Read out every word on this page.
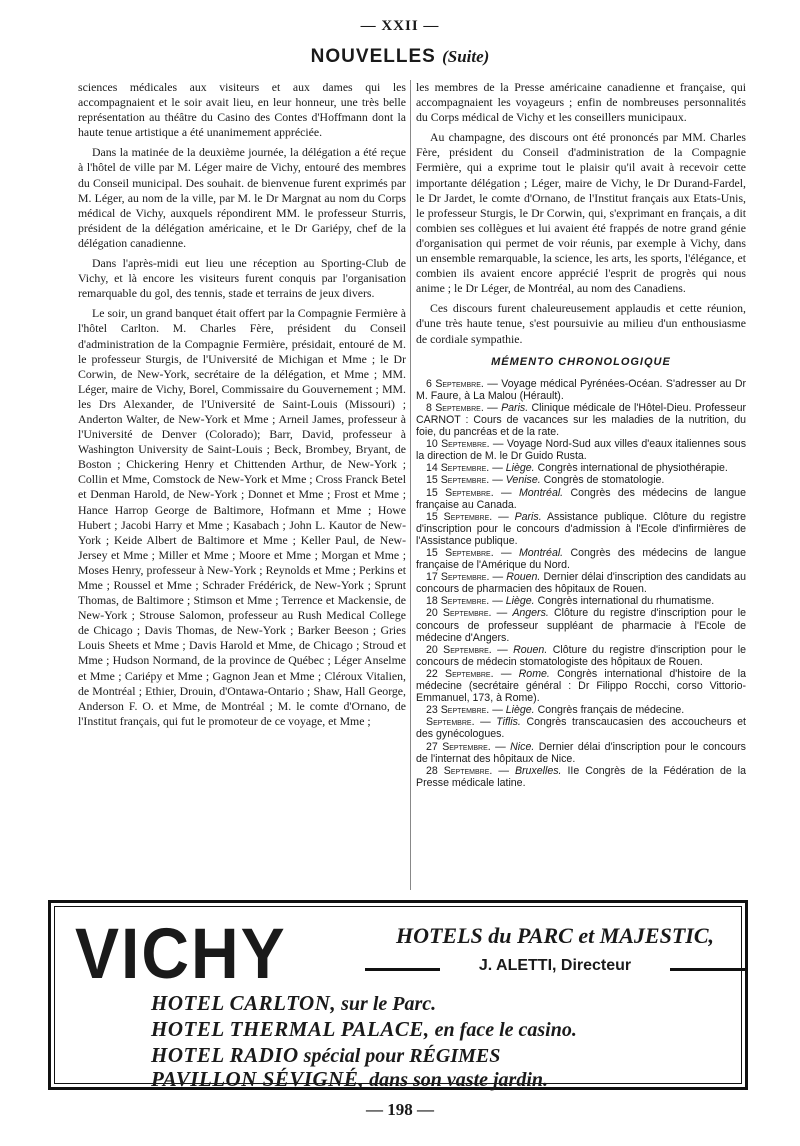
— XXII —
NOUVELLES (Suite)

sciences médicales aux visiteurs et aux dames qui les accompagnaient et le soir avait lieu, en leur honneur, une très belle représentation au théâtre du Casino des Contes d'Hoffmann dont la haute tenue artistique a été unanimement appréciée.

Dans la matinée de la deuxième journée, la délégation a été reçue à l'hôtel de ville par M. Léger maire de Vichy, entouré des membres du Conseil municipal. Des souhait. de bienvenue furent exprimés par M. Léger, au nom de la ville, par M. le Dr Margnat au nom du Corps médical de Vichy, auxquels répondirent MM. le professeur Sturris, président de la délégation américaine, et le Dr Gariépy, chef de la délégation canadienne.

Dans l'après-midi eut lieu une réception au Sporting-Club de Vichy, et là encore les visiteurs furent conquis par l'organisation remarquable du gol, des tennis, stade et terrains de jeux divers.

Le soir, un grand banquet était offert par la Compagnie Fermière à l'hôtel Carlton. M. Charles Fère, président du Conseil d'administration de la Compagnie Fermière, présidait, entouré de M. le professeur Sturgis, de l'Université de Michigan et Mme ; le Dr Corwin, de New-York, secrétaire de la délégation, et Mme ; MM. Léger, maire de Vichy, Borel, Commissaire du Gouvernement ; MM. les Drs Alexander, de l'Université de Saint-Louis (Missouri) ; Anderton Walter, de New-York et Mme ; Arneil James, professeur à l'Université de Denver (Colorado); Barr, David, professeur à Washington University de Saint-Louis ; Beck, Brombey, Bryant, de Boston ; Chickering Henry et Chittenden Arthur, de New-York ; Collin et Mme, Comstock de New-York et Mme ; Cross Franck Betel et Denman Harold, de New-York ; Donnet et Mme ; Frost et Mme ; Hance Harrop George de Baltimore, Hofmann et Mme ; Howe Hubert ; Jacobi Harry et Mme ; Kasabach ; John L. Kautor de New-York ; Keide Albert de Baltimore et Mme ; Keller Paul, de New-Jersey et Mme ; Miller et Mme ; Moore et Mme ; Morgan et Mme ; Moses Henry, professeur à New-York ; Reynolds et Mme ; Perkins et Mme ; Roussel et Mme ; Schrader Frédérick, de New-York ; Sprunt Thomas, de Baltimore ; Stimson et Mme ; Terrence et Mackensie, de New-York ; Strouse Salomon, professeur au Rush Medical College de Chicago ; Davis Thomas, de New-York ; Barker Beeson ; Gries Louis Sheets et Mme ; Davis Harold et Mme, de Chicago ; Stroud et Mme ; Hudson Normand, de la province de Québec ; Léger Anselme et Mme ; Cariépy et Mme ; Gagnon Jean et Mme ; Cléroux Vitalien, de Montréal ; Ethier, Drouin, d'Ontawa-Ontario ; Shaw, Hall George, Anderson F. O. et Mme, de Montréal ; M. le comte d'Ornano, de l'Institut français, qui fut le promoteur de ce voyage, et Mme ;

les membres de la Presse américaine canadienne et française, qui accompagnaient les voyageurs ; enfin de nombreuses personnalités du Corps médical de Vichy et les conseillers municipaux.

Au champagne, des discours ont été prononcés par MM. Charles Fère, président du Conseil d'administration de la Compagnie Fermière, qui a exprime tout le plaisir qu'il avait à recevoir cette importante délégation ; Léger, maire de Vichy, le Dr Durand-Fardel, le Dr Jardet, le comte d'Ornano, de l'Institut français aux Etats-Unis, le professeur Sturgis, le Dr Corwin, qui, s'exprimant en français, a dit combien ses collègues et lui avaient été frappés de notre grand génie d'organisation qui permet de voir réunis, par exemple à Vichy, dans un ensemble remarquable, la science, les arts, les sports, l'élégance, et combien ils avaient encore apprécié l'esprit de progrès qui nous anime ; le Dr Léger, de Montréal, au nom des Canadiens.

Ces discours furent chaleureusement applaudis et cette réunion, d'une très haute tenue, s'est poursuivie au milieu d'un enthousiasme de cordiale sympathie.

MÉMENTO CHRONOLOGIQUE

6 Septembre. — Voyage médical Pyrénées-Océan. S'adresser au Dr M. Faure, à La Malou (Hérault).

8 Septembre. — Paris. Clinique médicale de l'Hôtel-Dieu. Professeur CARNOT : Cours de vacances sur les maladies de la nutrition, du foie, du pancréas et de la rate.

10 Septembre. — Voyage Nord-Sud aux villes d'eaux italiennes sous la direction de M. le Dr Guido Rusta.

14 Septembre. — Liège. Congrès international de physiothérapie.

15 Septembre. — Venise. Congrès de stomatologie.

15 Septembre. — Montréal. Congrès des médecins de langue française au Canada.

15 Septembre. — Paris. Assistance publique. Clôture du registre d'inscription pour le concours d'admission à l'Ecole d'infirmières de l'Assistance publique.

15 Septembre. — Montréal. Congrès des médecins de langue française de l'Amérique du Nord.

17 Septembre. — Rouen. Dernier délai d'inscription des candidats au concours de pharmacien des hôpitaux de Rouen.

18 Septembre. — Liège. Congrès international du rhumatisme.

20 Septembre. — Angers. Clôture du registre d'inscription pour le concours de professeur suppléant de pharmacie à l'Ecole de médecine d'Angers.

20 Septembre. — Rouen. Clôture du registre d'inscription pour le concours de médecin stomatologiste des hôpitaux de Rouen.

22 Septembre. — Rome. Congrès international d'histoire de la médecine (secrétaire général : Dr Filippo Rocchi, corso Vittorio-Emmanuel, 173, à Rome).

23 Septembre. — Liège. Congrès français de médecine.

Septembre. — Tiflis. Congrès transcaucasien des accoucheurs et des gynécologues.

27 Septembre. — Nice. Dernier délai d'inscription pour le concours de l'internat des hôpitaux de Nice.

28 Septembre. — Bruxelles. IIe Congrès de la Fédération de la Presse médicale latine.

VICHY	HOTELS du PARC et MAJESTIC,
J. ALETTI, Directeur
HOTEL CARLTON, sur le Parc.
HOTEL THERMAL PALACE, en face le casino.
HOTEL RADIO spécial pour RÉGIMES
PAVILLON SÉVIGNÉ, dans son vaste jardin.
— 198 —
